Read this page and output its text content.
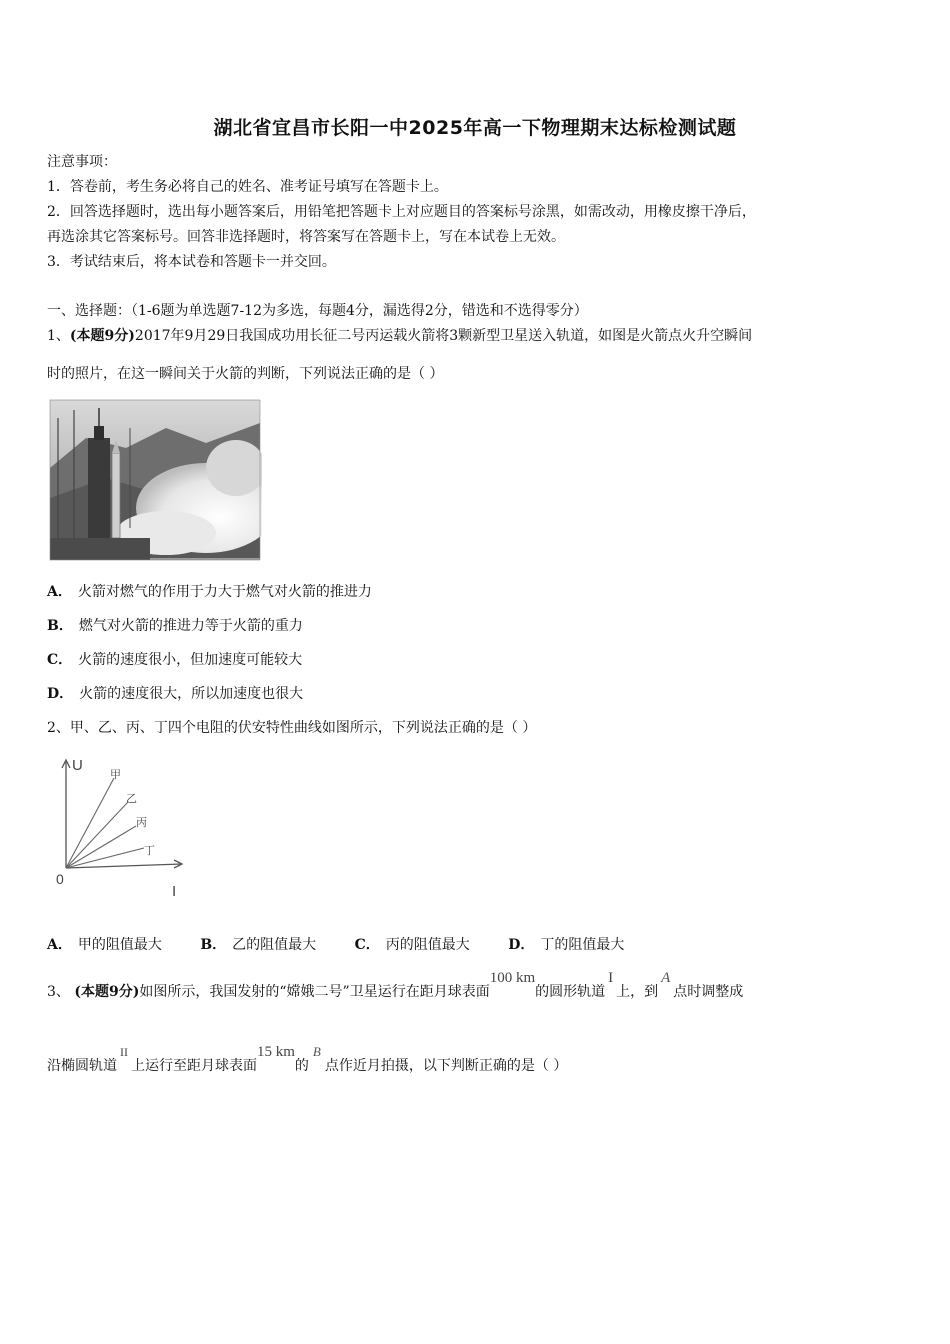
湖北省宜昌市长阳一中2025年高一下物理期末达标检测试题
注意事项：
1．答卷前，考生务必将自己的姓名、准考证号填写在答题卡上。
2．回答选择题时，选出每小题答案后，用铅笔把答题卡上对应题目的答案标号涂黑，如需改动，用橡皮擦干净后，
再选涂其它答案标号。回答非选择题时，将答案写在答题卡上，写在本试卷上无效。
3．考试结束后，将本试卷和答题卡一并交回。
一、选择题：（1-6题为单选题7-12为多选，每题4分，漏选得2分，错选和不选得零分）
1、(本题9分)2017年9月29日我国成功用长征二号丙运载火箭将3颗新型卫星送入轨道，如图是火箭点火升空瞬间
时的照片，在这一瞬间关于火箭的判断，下列说法正确的是（ ）
A． 火箭对燃气的作用于力大于燃气对火箭的推进力
B． 燃气对火箭的推进力等于火箭的重力
C． 火箭的速度很小，但加速度可能较大
D． 火箭的速度很大，所以加速度也很大
2、甲、乙、丙、丁四个电阻的伏安特性曲线如图所示，下列说法正确的是（ ）
U
0
I
甲
乙
丙
丁
A． 甲的阻值最大	B． 乙的阻值最大	C． 丙的阻值最大	D． 丁的阻值最大
3、 (本题9分)如图所示，我国发射的“嫦娥二号”卫星运行在距月球表面100 km的圆形轨道I上，到A点时调整成
沿椭圆轨道II上运行至距月球表面15 km的B点作近月拍摄，以下判断正确的是（ ）
